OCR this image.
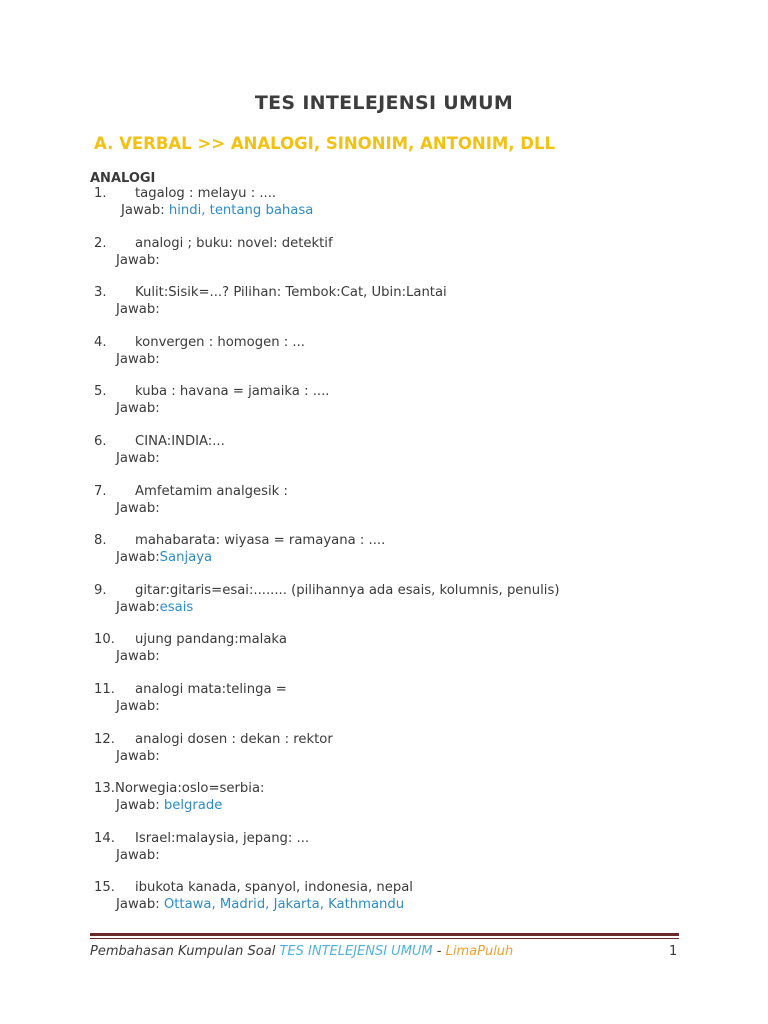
TES INTELEJENSI UMUM
A. VERBAL >> ANALOGI, SINONIM, ANTONIM, DLL
ANALOGI
1. tagalog : melayu : ....
Jawab: hindi, tentang bahasa
2. analogi ; buku: novel: detektif
Jawab:
3. Kulit:Sisik=...? Pilihan: Tembok:Cat, Ubin:Lantai
Jawab:
4. konvergen : homogen : ...
Jawab:
5. kuba : havana = jamaika : ....
Jawab:
6. CINA:INDIA:...
Jawab:
7. Amfetamim analgesik :
Jawab:
8. mahabarata: wiyasa = ramayana : ....
Jawab:Sanjaya
9. gitar:gitaris=esai:........ (pilihannya ada esais, kolumnis, penulis)
Jawab:esais
10. ujung pandang:malaka
Jawab:
11. analogi mata:telinga =
Jawab:
12. analogi dosen : dekan : rektor
Jawab:
13.Norwegia:oslo=serbia:
Jawab: belgrade
14. Israel:malaysia, jepang: ...
Jawab:
15. ibukota kanada, spanyol, indonesia, nepal
Jawab: Ottawa, Madrid, Jakarta, Kathmandu
Pembahasan Kumpulan Soal TES INTELEJENSI UMUM - LimaPuluh	1
